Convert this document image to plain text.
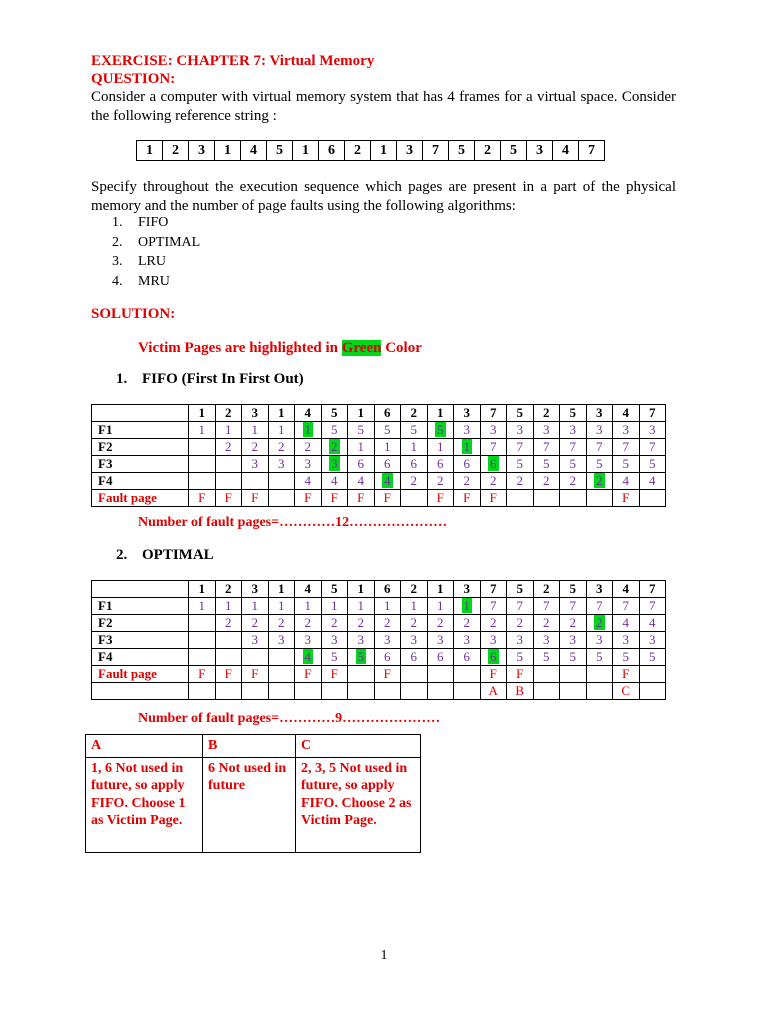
EXERCISE: CHAPTER 7: Virtual Memory
QUESTION:
Consider a computer with virtual memory system that has 4 frames for a virtual space. Consider the following reference string :
1	2	3	1	4	5	1	6	2	1	3	7	5	2	5	3	4	7
Specify throughout the execution sequence which pages are present in a part of the physical memory and the number of page faults using the following algorithms:
1. FIFO
2. OPTIMAL
3. LRU
4. MRU
SOLUTION:
Victim Pages are highlighted in Green Color
1. FIFO (First In First Out)
	1	2	3	1	4	5	1	6	2	1	3	7	5	2	5	3	4	7
F1	1	1	1	1	1	5	5	5	5	5	3	3	3	3	3	3	3	3
F2		2	2	2	2	2	1	1	1	1	1	7	7	7	7	7	7	7
F3			3	3	3	3	6	6	6	6	6	6	5	5	5	5	5	5
F4					4	4	4	4	2	2	2	2	2	2	2	2	4	4
Fault page	F	F	F		F	F	F	F		F	F	F					F	
Number of fault pages=…………12…………………
2. OPTIMAL
	1	2	3	1	4	5	1	6	2	1	3	7	5	2	5	3	4	7
F1	1	1	1	1	1	1	1	1	1	1	1	7	7	7	7	7	7	7
F2		2	2	2	2	2	2	2	2	2	2	2	2	2	2	2	4	4
F3			3	3	3	3	3	3	3	3	3	3	3	3	3	3	3	3
F4					4	5	5	6	6	6	6	6	5	5	5	5	5	5
Fault page	F	F	F		F	F		F				F	F				F	
												A	B				C	
Number of fault pages=…………9…………………
A	B	C
1, 6 Not used in future, so apply FIFO. Choose 1 as Victim Page.	6 Not used in future	2, 3, 5 Not used in future, so apply FIFO. Choose 2 as Victim Page.
1
